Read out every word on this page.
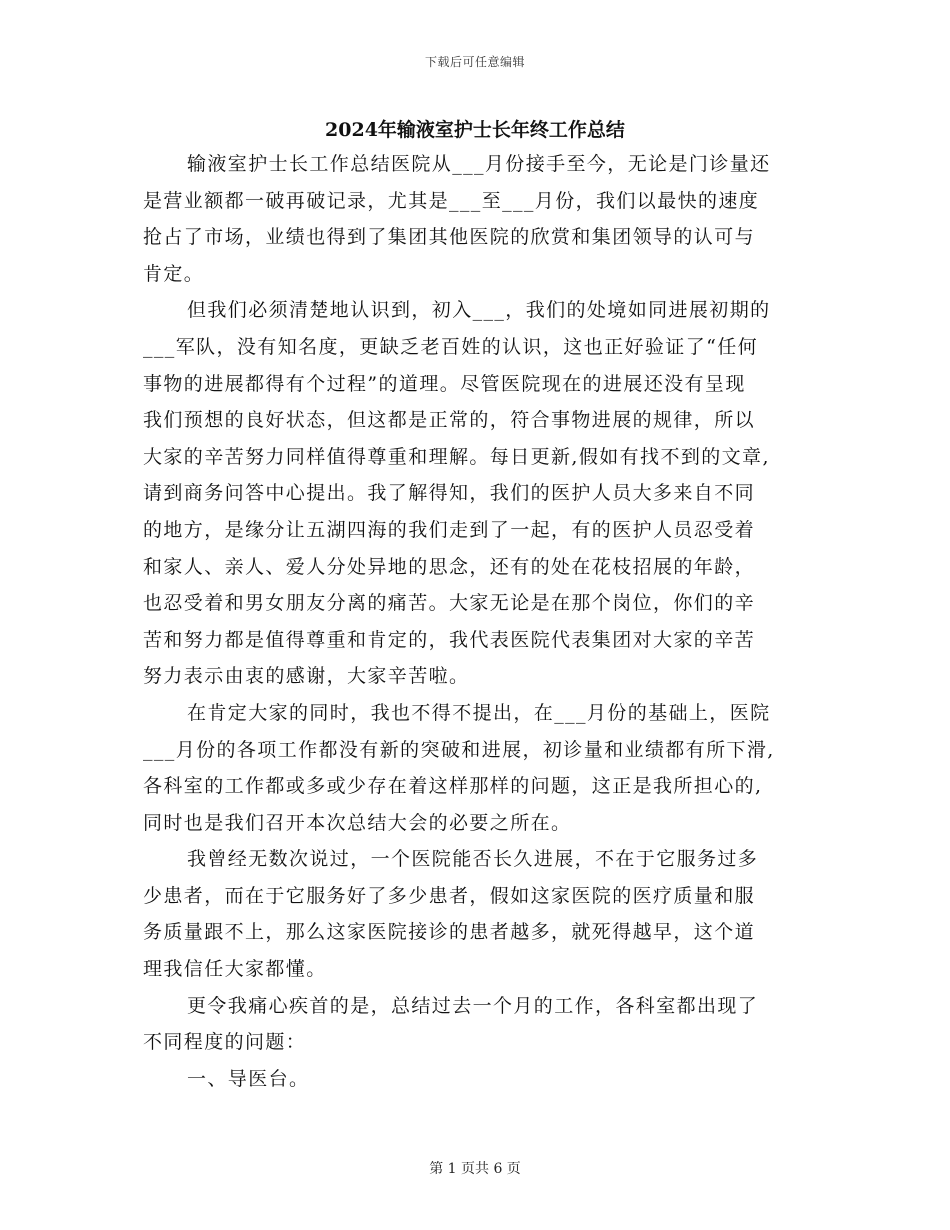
下载后可任意编辑
2024年输液室护士长年终工作总结
输液室护士长工作总结医院从___月份接手至今，无论是门诊量还
是营业额都一破再破记录，尤其是___至___月份，我们以最快的速度
抢占了市场，业绩也得到了集团其他医院的欣赏和集团领导的认可与
肯定。
但我们必须清楚地认识到，初入___，我们的处境如同进展初期的
___军队，没有知名度，更缺乏老百姓的认识，这也正好验证了“任何
事物的进展都得有个过程”的道理。尽管医院现在的进展还没有呈现
我们预想的良好状态，但这都是正常的，符合事物进展的规律，所以
大家的辛苦努力同样值得尊重和理解。每日更新,假如有找不到的文章,
请到商务问答中心提出。我了解得知，我们的医护人员大多来自不同
的地方，是缘分让五湖四海的我们走到了一起，有的医护人员忍受着
和家人、亲人、爱人分处异地的思念，还有的处在花枝招展的年龄，
也忍受着和男女朋友分离的痛苦。大家无论是在那个岗位，你们的辛
苦和努力都是值得尊重和肯定的，我代表医院代表集团对大家的辛苦
努力表示由衷的感谢，大家辛苦啦。
在肯定大家的同时，我也不得不提出，在___月份的基础上，医院
___月份的各项工作都没有新的突破和进展，初诊量和业绩都有所下滑,
各科室的工作都或多或少存在着这样那样的问题，这正是我所担心的,
同时也是我们召开本次总结大会的必要之所在。
我曾经无数次说过，一个医院能否长久进展，不在于它服务过多
少患者，而在于它服务好了多少患者，假如这家医院的医疗质量和服
务质量跟不上，那么这家医院接诊的患者越多，就死得越早，这个道
理我信任大家都懂。
更令我痛心疾首的是，总结过去一个月的工作，各科室都出现了
不同程度的问题：
一、导医台。
第 1 页共 6 页
